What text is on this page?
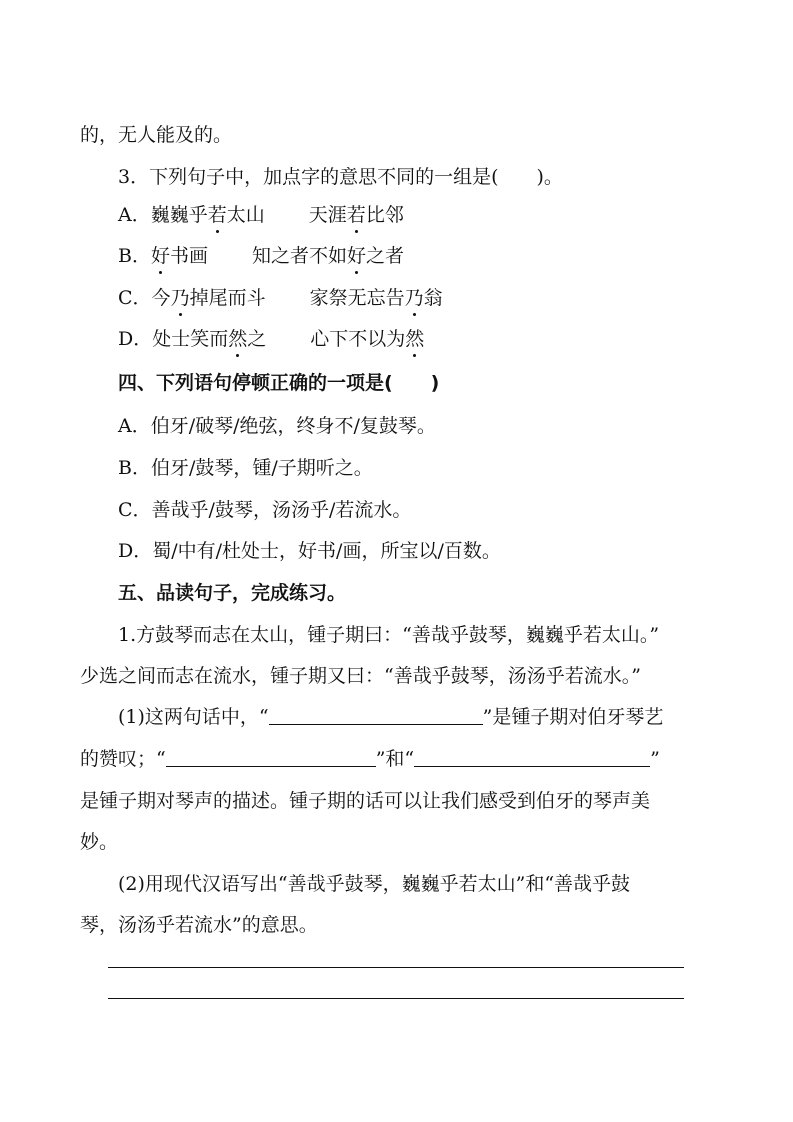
的，无人能及的。
3．下列句子中，加点字的意思不同的一组是(　　)。
A．巍巍乎若太山 天涯若比邻
B．好书画 知之者不如好之者
C．今乃掉尾而斗 家祭无忘告乃翁
D．处士笑而然之 心下不以为然
四、下列语句停顿正确的一项是(　　)
A．伯牙/破琴/绝弦，终身不/复鼓琴。
B．伯牙/鼓琴，锺/子期听之。
C．善哉乎/鼓琴，汤汤乎/若流水。
D．蜀/中有/杜处士，好书/画，所宝以/百数。
五、品读句子，完成练习。
1.方鼓琴而志在太山，锺子期曰：“善哉乎鼓琴，巍巍乎若太山。”
少选之间而志在流水，锺子期又曰：“善哉乎鼓琴，汤汤乎若流水。”
(1)这两句话中，“	”是锺子期对伯牙琴艺
的赞叹；“	”和“	”
是锺子期对琴声的描述。锺子期的话可以让我们感受到伯牙的琴声美
妙。
(2)用现代汉语写出“善哉乎鼓琴，巍巍乎若太山”和“善哉乎鼓
琴，汤汤乎若流水”的意思。
